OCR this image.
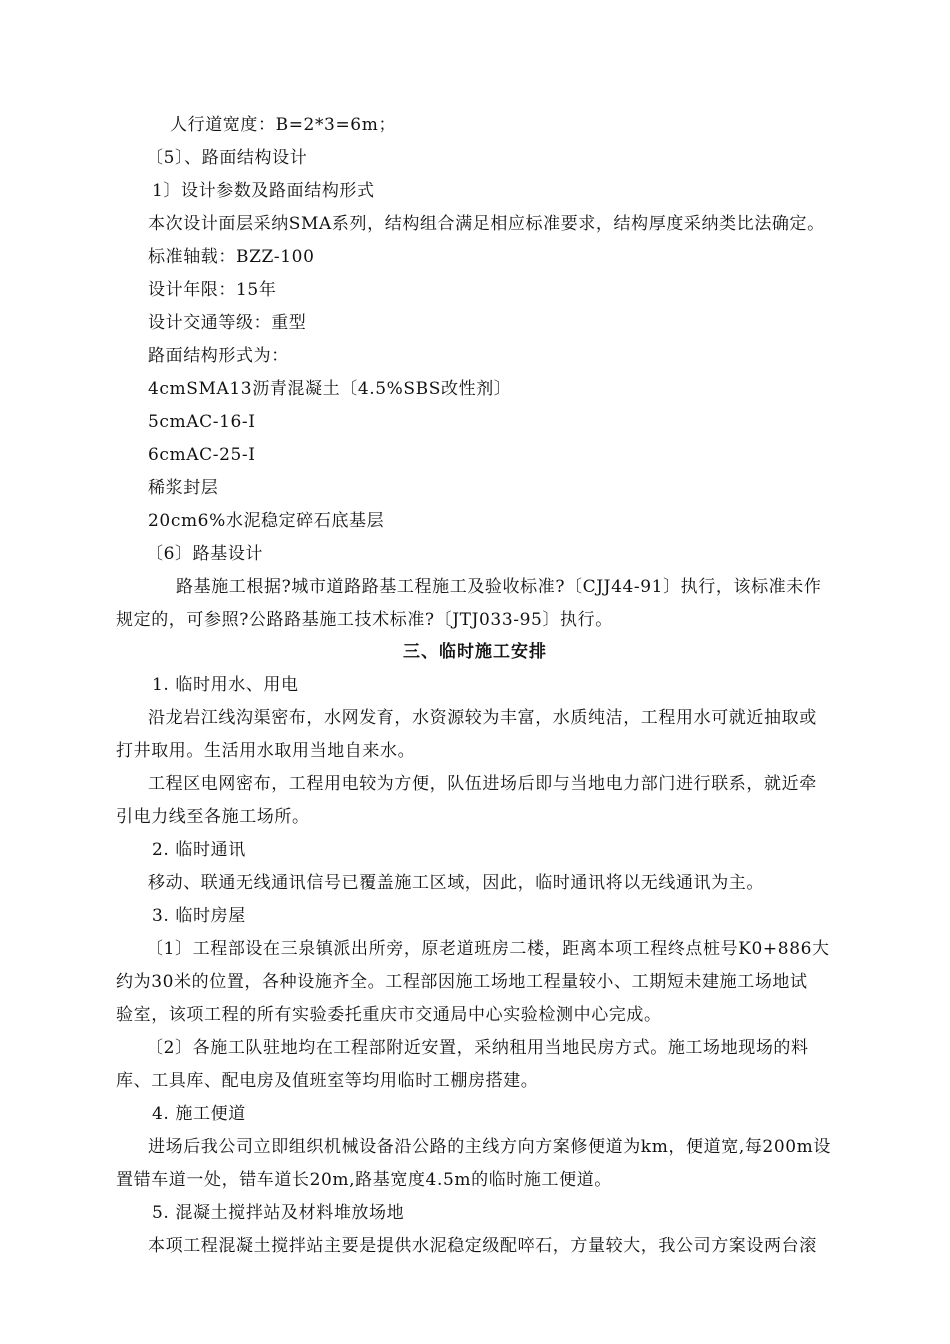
人行道宽度：B=2*3=6m；
〔5〕、路面结构设计
1〕设计参数及路面结构形式
本次设计面层采纳SMA系列，结构组合满足相应标准要求，结构厚度采纳类比法确定。
标准轴载：BZZ-100
设计年限：15年
设计交通等级：重型
路面结构形式为：
4cmSMA13沥青混凝土〔4.5%SBS改性剂〕
5cmAC-16-I
6cmAC-25-I
稀浆封层
20cm6%水泥稳定碎石底基层
〔6〕路基设计
路基施工根据?城市道路路基工程施工及验收标准?〔CJJ44-91〕执行，该标准未作
规定的，可参照?公路路基施工技术标准?〔JTJ033-95〕执行。
三、临时施工安排
1. 临时用水、用电
沿龙岩江线沟渠密布，水网发育，水资源较为丰富，水质纯洁，工程用水可就近抽取或
打井取用。生活用水取用当地自来水。
工程区电网密布，工程用电较为方便，队伍进场后即与当地电力部门进行联系，就近牵
引电力线至各施工场所。
2. 临时通讯
移动、联通无线通讯信号已覆盖施工区域，因此，临时通讯将以无线通讯为主。
3. 临时房屋
〔1〕工程部设在三泉镇派出所旁，原老道班房二楼，距离本项工程终点桩号K0+886大
约为30米的位置，各种设施齐全。工程部因施工场地工程量较小、工期短未建施工场地试
验室，该项工程的所有实验委托重庆市交通局中心实验检测中心完成。
〔2〕各施工队驻地均在工程部附近安置，采纳租用当地民房方式。施工场地现场的料
库、工具库、配电房及值班室等均用临时工棚房搭建。
4. 施工便道
进场后我公司立即组织机械设备沿公路的主线方向方案修便道为km，便道宽,每200m设
置错车道一处，错车道长20m,路基宽度4.5m的临时施工便道。
5. 混凝土搅拌站及材料堆放场地
本项工程混凝土搅拌站主要是提供水泥稳定级配啐石，方量较大，我公司方案设两台滚
